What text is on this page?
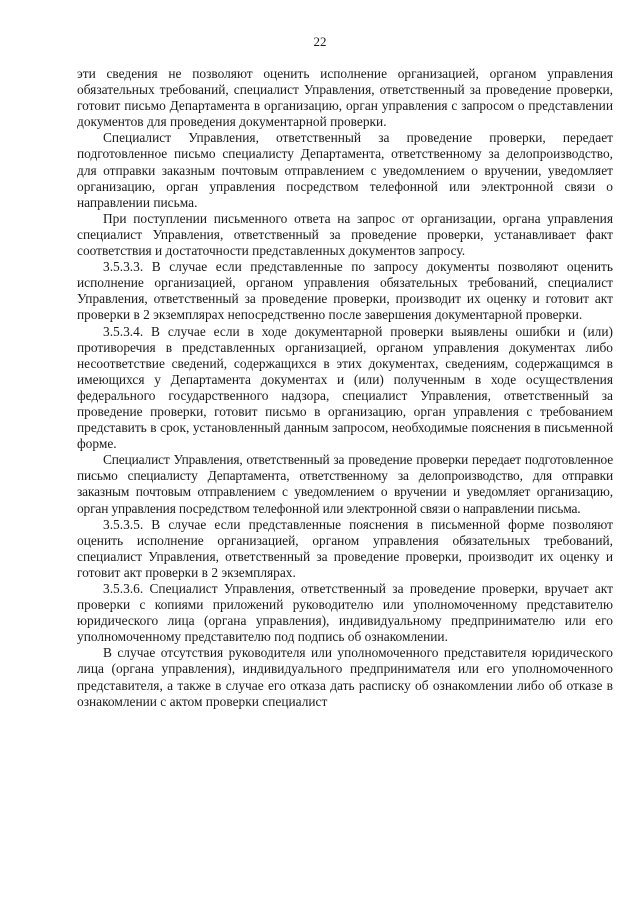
22

эти сведения не позволяют оценить исполнение организацией, органом управления обязательных требований, специалист Управления, ответственный за проведение проверки, готовит письмо Департамента в организацию, орган управления с запросом о представлении документов для проведения документарной проверки.

Специалист Управления, ответственный за проведение проверки, передает подготовленное письмо специалисту Департамента, ответственному за делопроизводство, для отправки заказным почтовым отправлением с уведомлением о вручении, уведомляет организацию, орган управления посредством телефонной или электронной связи о направлении письма.

При поступлении письменного ответа на запрос от организации, органа управления специалист Управления, ответственный за проведение проверки, устанавливает факт соответствия и достаточности представленных документов запросу.

3.5.3.3. В случае если представленные по запросу документы позволяют оценить исполнение организацией, органом управления обязательных требований, специалист Управления, ответственный за проведение проверки, производит их оценку и готовит акт проверки в 2 экземплярах непосредственно после завершения документарной проверки.

3.5.3.4. В случае если в ходе документарной проверки выявлены ошибки и (или) противоречия в представленных организацией, органом управления документах либо несоответствие сведений, содержащихся в этих документах, сведениям, содержащимся в имеющихся у Департамента документах и (или) полученным в ходе осуществления федерального государственного надзора, специалист Управления, ответственный за проведение проверки, готовит письмо в организацию, орган управления с требованием представить в срок, установленный данным запросом, необходимые пояснения в письменной форме.

Специалист Управления, ответственный за проведение проверки передает подготовленное письмо специалисту Департамента, ответственному за делопроизводство, для отправки заказным почтовым отправлением с уведомлением о вручении и уведомляет организацию, орган управления посредством телефонной или электронной связи о направлении письма.

3.5.3.5. В случае если представленные пояснения в письменной форме позволяют оценить исполнение организацией, органом управления обязательных требований, специалист Управления, ответственный за проведение проверки, производит их оценку и готовит акт проверки в 2 экземплярах.

3.5.3.6. Специалист Управления, ответственный за проведение проверки, вручает акт проверки с копиями приложений руководителю или уполномоченному представителю юридического лица (органа управления), индивидуальному предпринимателю или его уполномоченному представителю под подпись об ознакомлении.

В случае отсутствия руководителя или уполномоченного представителя юридического лица (органа управления), индивидуального предпринимателя или его уполномоченного представителя, а также в случае его отказа дать расписку об ознакомлении либо об отказе в ознакомлении с актом проверки специалист
